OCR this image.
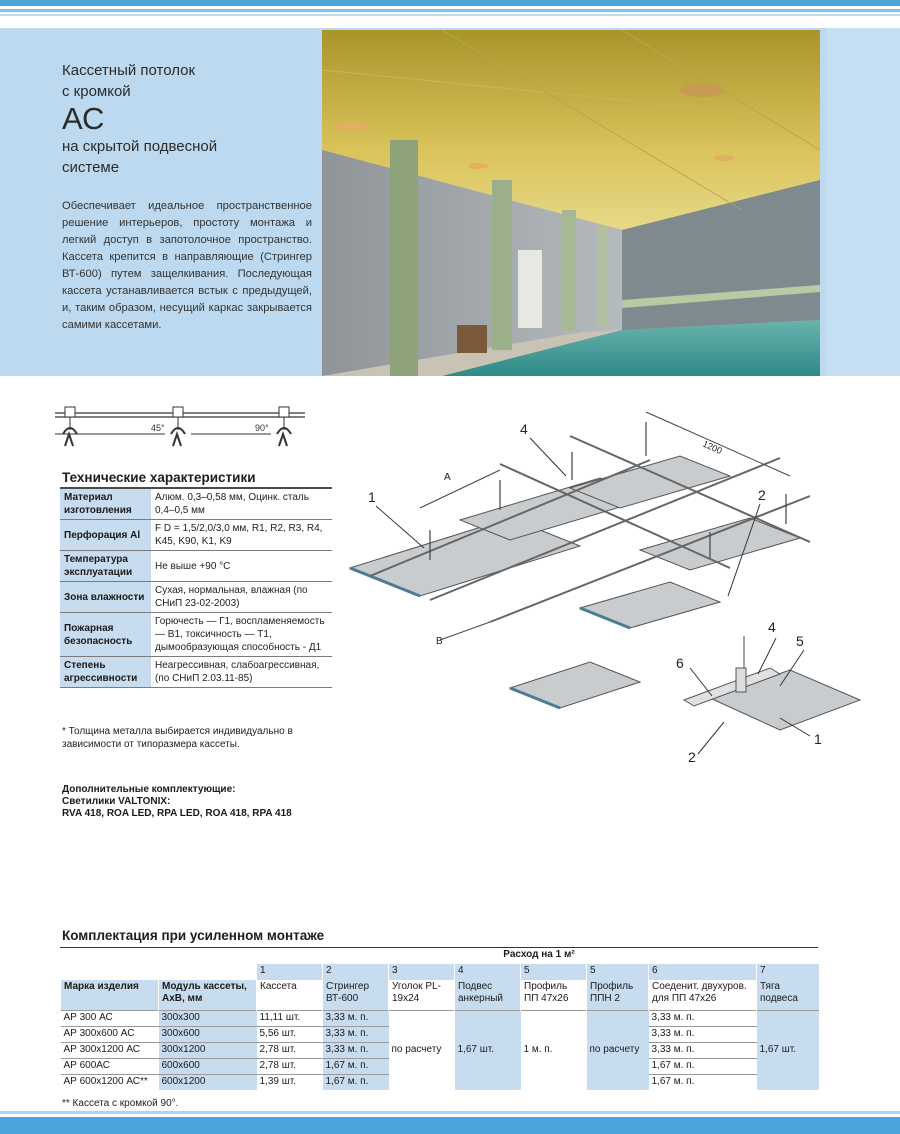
Кассетный потолок
с кромкой
АС
на скрытой подвесной
системе

Обеспечивает идеальное пространственное решение интерьеров, простоту монтажа и легкий доступ в запотолочное пространство. Кассета крепится в направляющие (Стрингер ВТ-600) путем защелкивания. Последующая кассета устанавливается встык с предыдущей, и, таким образом, несущий каркас закрывается самими кассетами.

45°	90°
Технические характеристики
Материал изготовления	Алюм. 0,3–0,58 мм, Оцинк. сталь 0,4–0,5 мм
Перфорация Al	F D = 1,5/2,0/3,0 мм, R1, R2, R3, R4, K45, K90, K1, K9
Температура эксплуатации	Не выше +90 °С
Зона влажности	Сухая, нормальная, влажная (по СНиП 23-02-2003)
Пожарная безопасность	Горючесть — Г1, воспламеняемость — В1, токсичность — Т1, дымообразующая способность - Д1
Степень агрессивности	Неагрессивная, слабоагрессивная, (по СНиП 2.03.11-85)
* Толщина металла выбирается индивидуально в зависимости от типоразмера кассеты.
Дополнительные комплектующие:
Светилики VALTONIX:
RVA 418, ROA LED, RPA LED, ROA 418, RPA 418
1200
A
B
1
4
2
4
5
6
2
1
Комплектация при усиленном монтаже
Расход на 1 м²
		1	2	3	4	5	5	6	7
Марка изделия	Модуль кассеты, АхВ, мм	Кассета	Стрингер ВТ-600	Уголок PL-19х24	Подвес анкерный	Профиль ПП 47х26	Профиль ППН 2	Соеденит. двухуров. для ПП 47х26	Тяга подвеса
АР 300 АС	300х300	11,11 шт.	3,33 м. п.	по расчету	1,67 шт.	1 м. п.	по расчету	3,33 м. п.	1,67 шт.
АР 300х600 АС	300х600	5,56 шт.	3,33 м. п.					3,33 м. п.	
АР 300х1200 АС	300х1200	2,78 шт.	3,33 м. п.					3,33 м. п.	
АР 600АС	600х600	2,78 шт.	1,67 м. п.					1,67 м. п.	
АР 600х1200 АС**	600х1200	1,39 шт.	1,67 м. п.					1,67 м. п.	
** Кассета с кромкой 90°.
